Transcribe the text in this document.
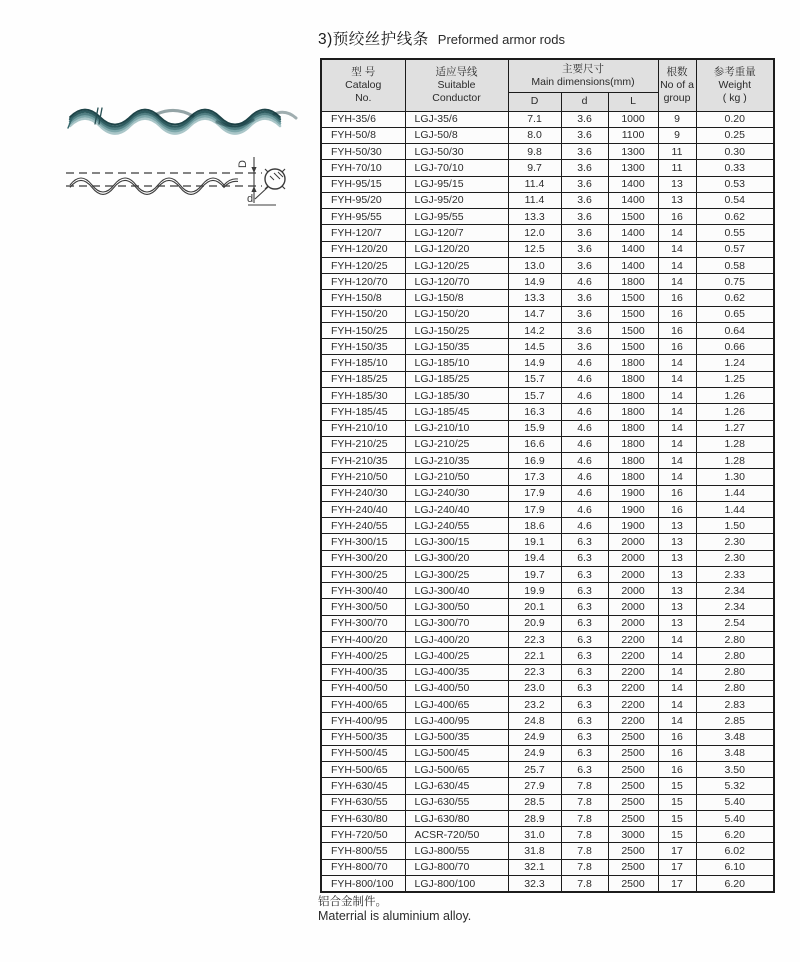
3)预绞丝护线条 Preformed armor rods
D
d
型 号
Catalog
No.	适应导线
Suitable
Conductor	主要尺寸
Main dimensions(mm)			根数
No of a
group	参考重量
Weight
( kg )

		D	d	L		
FYH-35/6	LGJ-35/6	7.1	3.6	1000	9	0.20
FYH-50/8	LGJ-50/8	8.0	3.6	1100	9	0.25
FYH-50/30	LGJ-50/30	9.8	3.6	1300	11	0.30
FYH-70/10	LGJ-70/10	9.7	3.6	1300	11	0.33
FYH-95/15	LGJ-95/15	11.4	3.6	1400	13	0.53
FYH-95/20	LGJ-95/20	11.4	3.6	1400	13	0.54
FYH-95/55	LGJ-95/55	13.3	3.6	1500	16	0.62
FYH-120/7	LGJ-120/7	12.0	3.6	1400	14	0.55
FYH-120/20	LGJ-120/20	12.5	3.6	1400	14	0.57
FYH-120/25	LGJ-120/25	13.0	3.6	1400	14	0.58
FYH-120/70	LGJ-120/70	14.9	4.6	1800	14	0.75
FYH-150/8	LGJ-150/8	13.3	3.6	1500	16	0.62
FYH-150/20	LGJ-150/20	14.7	3.6	1500	16	0.65
FYH-150/25	LGJ-150/25	14.2	3.6	1500	16	0.64
FYH-150/35	LGJ-150/35	14.5	3.6	1500	16	0.66
FYH-185/10	LGJ-185/10	14.9	4.6	1800	14	1.24
FYH-185/25	LGJ-185/25	15.7	4.6	1800	14	1.25
FYH-185/30	LGJ-185/30	15.7	4.6	1800	14	1.26
FYH-185/45	LGJ-185/45	16.3	4.6	1800	14	1.26
FYH-210/10	LGJ-210/10	15.9	4.6	1800	14	1.27
FYH-210/25	LGJ-210/25	16.6	4.6	1800	14	1.28
FYH-210/35	LGJ-210/35	16.9	4.6	1800	14	1.28
FYH-210/50	LGJ-210/50	17.3	4.6	1800	14	1.30
FYH-240/30	LGJ-240/30	17.9	4.6	1900	16	1.44
FYH-240/40	LGJ-240/40	17.9	4.6	1900	16	1.44
FYH-240/55	LGJ-240/55	18.6	4.6	1900	13	1.50
FYH-300/15	LGJ-300/15	19.1	6.3	2000	13	2.30
FYH-300/20	LGJ-300/20	19.4	6.3	2000	13	2.30
FYH-300/25	LGJ-300/25	19.7	6.3	2000	13	2.33
FYH-300/40	LGJ-300/40	19.9	6.3	2000	13	2.34
FYH-300/50	LGJ-300/50	20.1	6.3	2000	13	2.34
FYH-300/70	LGJ-300/70	20.9	6.3	2000	13	2.54
FYH-400/20	LGJ-400/20	22.3	6.3	2200	14	2.80
FYH-400/25	LGJ-400/25	22.1	6.3	2200	14	2.80
FYH-400/35	LGJ-400/35	22.3	6.3	2200	14	2.80
FYH-400/50	LGJ-400/50	23.0	6.3	2200	14	2.80
FYH-400/65	LGJ-400/65	23.2	6.3	2200	14	2.83
FYH-400/95	LGJ-400/95	24.8	6.3	2200	14	2.85
FYH-500/35	LGJ-500/35	24.9	6.3	2500	16	3.48
FYH-500/45	LGJ-500/45	24.9	6.3	2500	16	3.48
FYH-500/65	LGJ-500/65	25.7	6.3	2500	16	3.50
FYH-630/45	LGJ-630/45	27.9	7.8	2500	15	5.32
FYH-630/55	LGJ-630/55	28.5	7.8	2500	15	5.40
FYH-630/80	LGJ-630/80	28.9	7.8	2500	15	5.40
FYH-720/50	ACSR-720/50	31.0	7.8	3000	15	6.20
FYH-800/55	LGJ-800/55	31.8	7.8	2500	17	6.02
FYH-800/70	LGJ-800/70	32.1	7.8	2500	17	6.10
FYH-800/100	LGJ-800/100	32.3	7.8	2500	17	6.20
铝合金制件。
Materrial is aluminium alloy.
